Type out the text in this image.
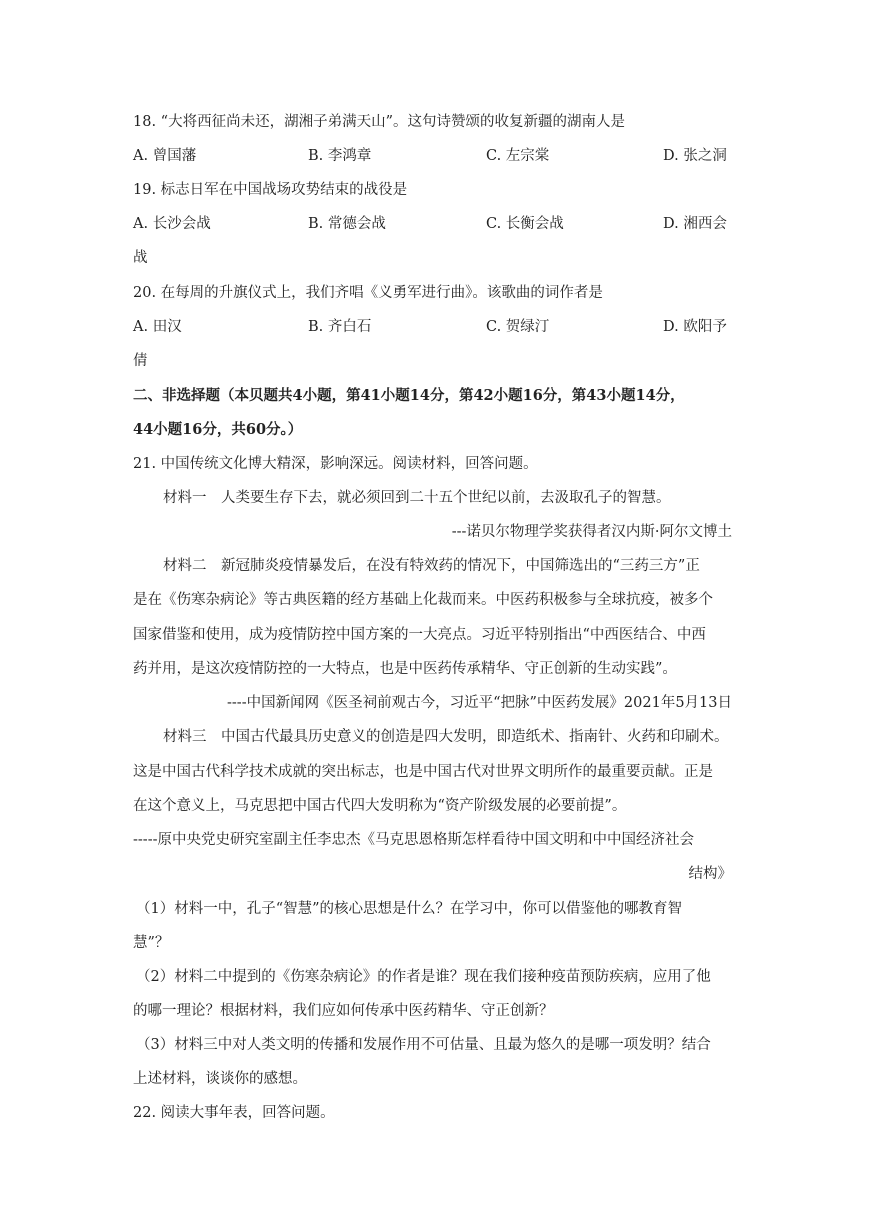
18. “大将西征尚未还，湖湘子弟满天山”。这句诗赞颂的收复新疆的湖南人是
A. 曾国藩	B. 李鸿章	C. 左宗棠	D. 张之洞
19. 标志日军在中国战场攻势结束的战役是
A. 长沙会战	B. 常德会战	C. 长衡会战	D. 湘西会
战
20. 在每周的升旗仪式上，我们齐唱《义勇军进行曲》。该歌曲的词作者是
A. 田汉	B. 齐白石	C. 贺绿汀	D. 欧阳予
倩
二、非选择题（本贝题共4小题，第41小题14分，第42小题16分，第43小题14分，
44小题16分，共60分。）
21. 中国传统文化博大精深，影响深远。阅读材料，回答问题。
材料一　人类要生存下去，就必须回到二十五个世纪以前，去汲取孔子的智慧。
---诺贝尔物理学奖获得者汉内斯·阿尔文博土
材料二　新冠肺炎疫情暴发后，在没有特效药的情况下，中国筛选出的“三药三方”正
是在《伤寒杂病论》等古典医籍的经方基础上化裁而来。中医药积极参与全球抗疫，被多个
国家借鉴和使用，成为疫情防控中国方案的一大亮点。习近平特别指出“中西医结合、中西
药并用，是这次疫情防控的一大特点，也是中医药传承精华、守正创新的生动实践”。
----中国新闻网《医圣祠前观古今，习近平“把脉”中医药发展》2021年5月13日
材料三　中国古代最具历史意义的创造是四大发明，即造纸术、指南针、火药和印刷术。
这是中国古代科学技术成就的突出标志，也是中国古代对世界文明所作的最重要贡献。正是
在这个意义上，马克思把中国古代四大发明称为“资产阶级发展的必要前提”。
-----原中央党史研究室副主任李忠杰《马克思恩格斯怎样看待中国文明和中中国经济社会
结构》
（1）材料一中，孔子“智慧”的核心思想是什么？在学习中，你可以借鉴他的哪教育智
慧”？
（2）材料二中提到的《伤寒杂病论》的作者是谁？现在我们接种疫苗预防疾病，应用了他
的哪一理论？根据材料，我们应如何传承中医药精华、守正创新？
（3）材料三中对人类文明的传播和发展作用不可估量、且最为悠久的是哪一项发明？结合
上述材料，谈谈你的感想。
22. 阅读大事年表，回答问题。
